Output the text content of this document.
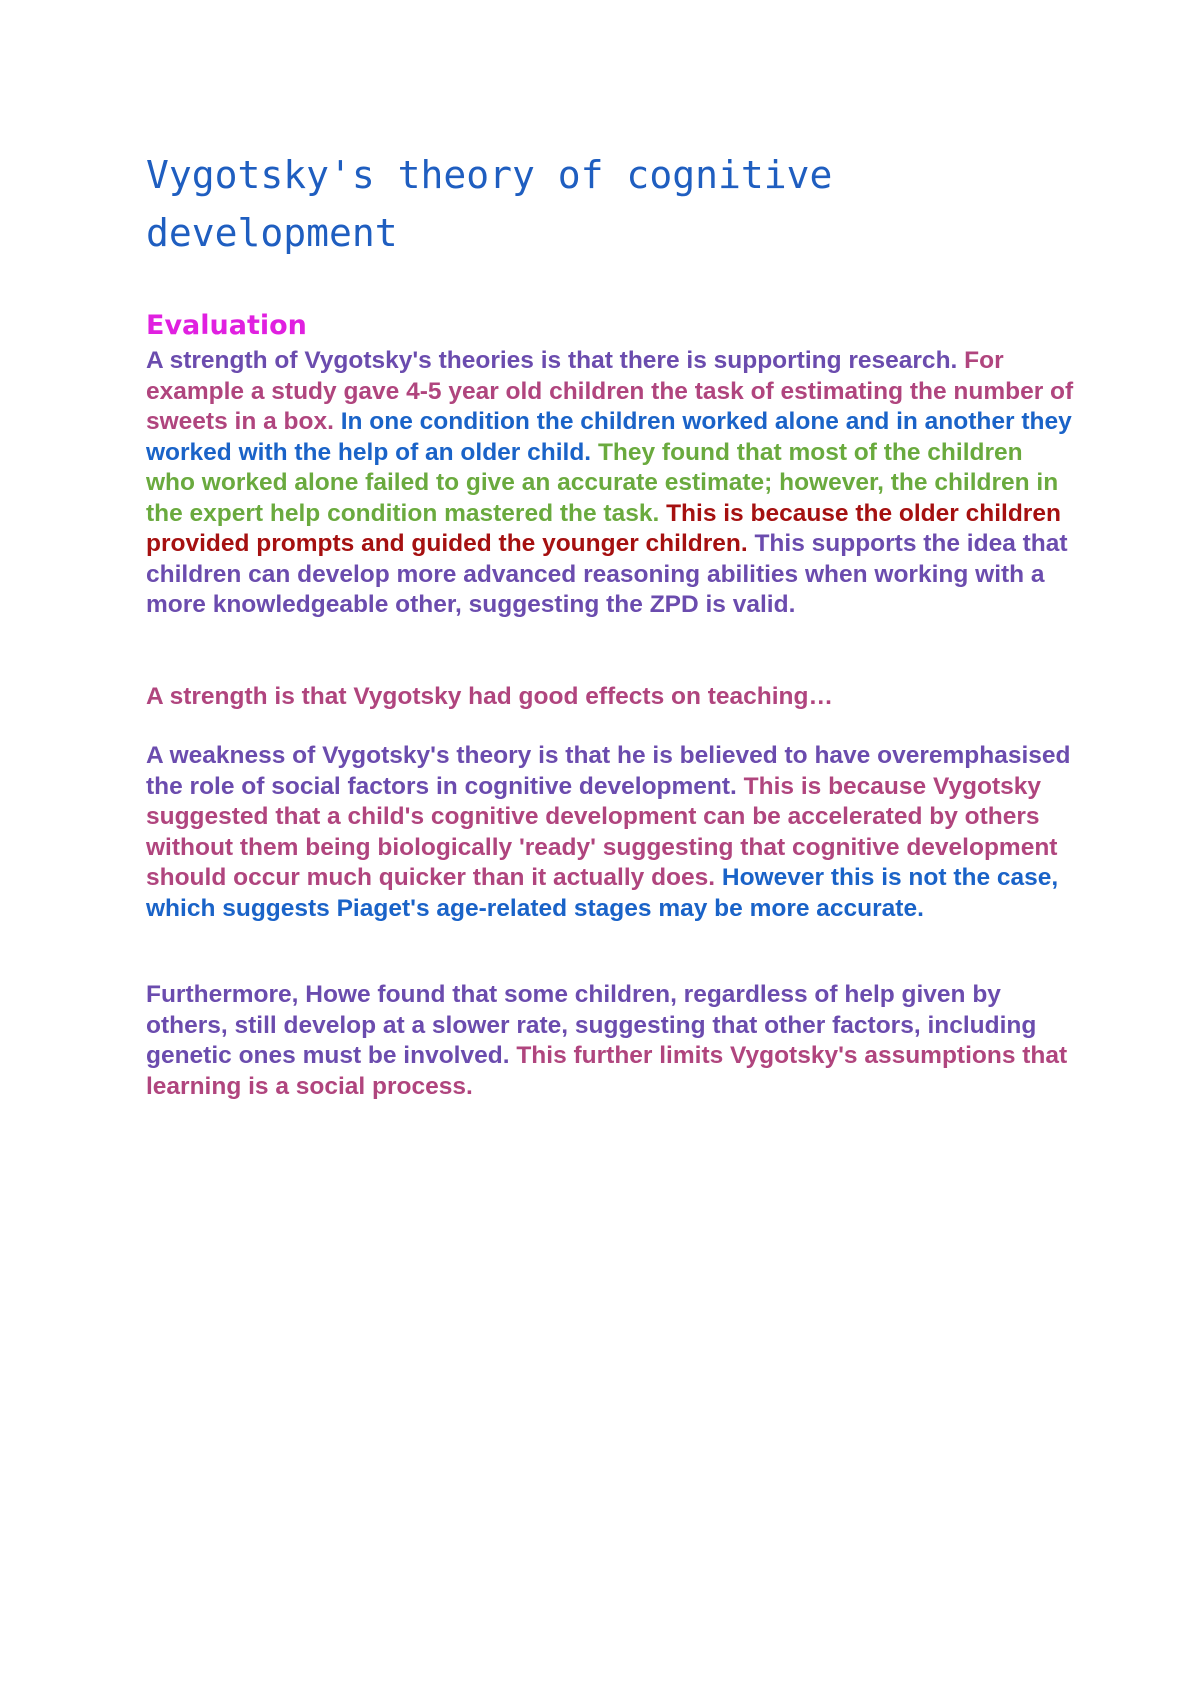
Vygotsky's theory of cognitive development
Evaluation

A strength of Vygotsky's theories is that there is supporting research. For example a study gave 4-5 year old children the task of estimating the number of sweets in a box. In one condition the children worked alone and in another they worked with the help of an older child. They found that most of the children who worked alone failed to give an accurate estimate; however, the children in the expert help condition mastered the task. This is because the older children provided prompts and guided the younger children. This supports the idea that children can develop more advanced reasoning abilities when working with a more knowledgeable other, suggesting the ZPD is valid.

A strength is that Vygotsky had good effects on teaching…

A weakness of Vygotsky's theory is that he is believed to have overemphasised the role of social factors in cognitive development. This is because Vygotsky suggested that a child's cognitive development can be accelerated by others without them being biologically 'ready' suggesting that cognitive development should occur much quicker than it actually does. However this is not the case, which suggests Piaget's age-related stages may be more accurate.

Furthermore, Howe found that some children, regardless of help given by others, still develop at a slower rate, suggesting that other factors, including genetic ones must be involved. This further limits Vygotsky's assumptions that learning is a social process.
